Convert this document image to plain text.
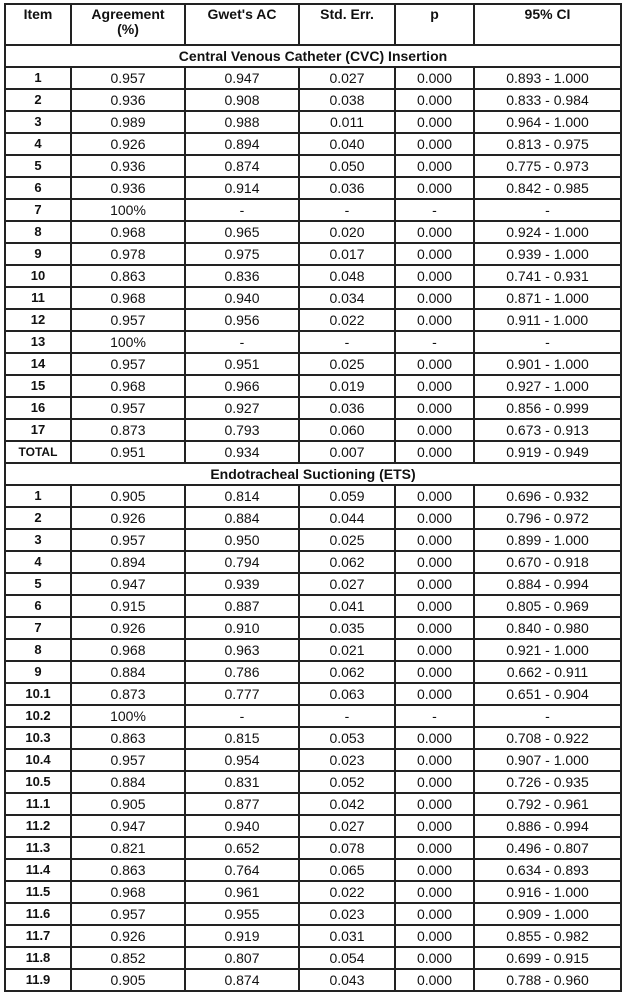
Item	Agreement (%)	Gwet's AC	Std. Err.	p	95% CI
Central Venous Catheter (CVC) Insertion					
1	0.957	0.947	0.027	0.000	0.893 - 1.000
2	0.936	0.908	0.038	0.000	0.833 - 0.984
3	0.989	0.988	0.011	0.000	0.964 - 1.000
4	0.926	0.894	0.040	0.000	0.813 - 0.975
5	0.936	0.874	0.050	0.000	0.775 - 0.973
6	0.936	0.914	0.036	0.000	0.842 - 0.985
7	100%	-	-	-	-
8	0.968	0.965	0.020	0.000	0.924 - 1.000
9	0.978	0.975	0.017	0.000	0.939 - 1.000
10	0.863	0.836	0.048	0.000	0.741 - 0.931
11	0.968	0.940	0.034	0.000	0.871 - 1.000
12	0.957	0.956	0.022	0.000	0.911 - 1.000
13	100%	-	-	-	-
14	0.957	0.951	0.025	0.000	0.901 - 1.000
15	0.968	0.966	0.019	0.000	0.927 - 1.000
16	0.957	0.927	0.036	0.000	0.856 - 0.999
17	0.873	0.793	0.060	0.000	0.673 - 0.913
TOTAL	0.951	0.934	0.007	0.000	0.919 - 0.949
Endotracheal Suctioning (ETS)					
1	0.905	0.814	0.059	0.000	0.696 - 0.932
2	0.926	0.884	0.044	0.000	0.796 - 0.972
3	0.957	0.950	0.025	0.000	0.899 - 1.000
4	0.894	0.794	0.062	0.000	0.670 - 0.918
5	0.947	0.939	0.027	0.000	0.884 - 0.994
6	0.915	0.887	0.041	0.000	0.805 - 0.969
7	0.926	0.910	0.035	0.000	0.840 - 0.980
8	0.968	0.963	0.021	0.000	0.921 - 1.000
9	0.884	0.786	0.062	0.000	0.662 - 0.911
10.1	0.873	0.777	0.063	0.000	0.651 - 0.904
10.2	100%	-	-	-	-
10.3	0.863	0.815	0.053	0.000	0.708 - 0.922
10.4	0.957	0.954	0.023	0.000	0.907 - 1.000
10.5	0.884	0.831	0.052	0.000	0.726 - 0.935
11.1	0.905	0.877	0.042	0.000	0.792 - 0.961
11.2	0.947	0.940	0.027	0.000	0.886 - 0.994
11.3	0.821	0.652	0.078	0.000	0.496 - 0.807
11.4	0.863	0.764	0.065	0.000	0.634 - 0.893
11.5	0.968	0.961	0.022	0.000	0.916 - 1.000
11.6	0.957	0.955	0.023	0.000	0.909 - 1.000
11.7	0.926	0.919	0.031	0.000	0.855 - 0.982
11.8	0.852	0.807	0.054	0.000	0.699 - 0.915
11.9	0.905	0.874	0.043	0.000	0.788 - 0.960
